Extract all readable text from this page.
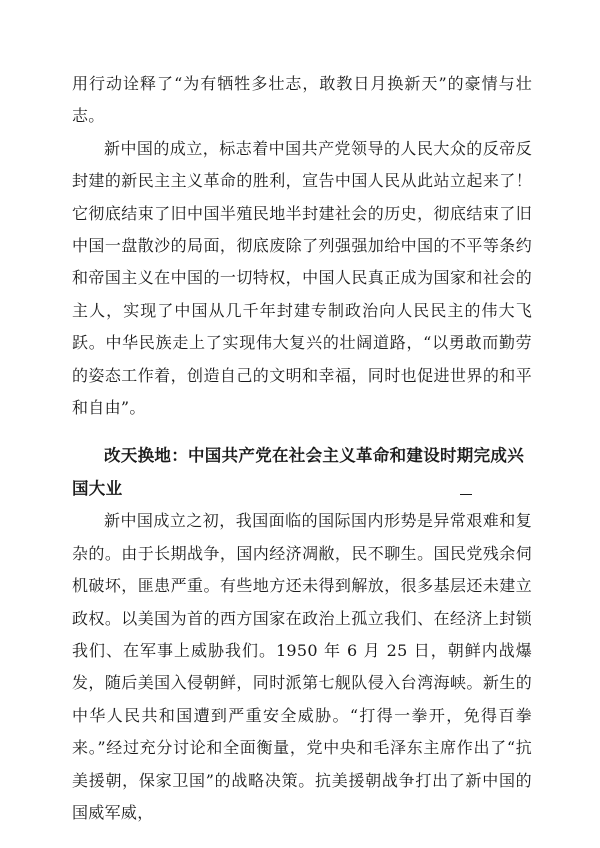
用行动诠释了“为有牺牲多壮志，敢教日月换新天”的豪情与壮志。

新中国的成立，标志着中国共产党领导的人民大众的反帝反封建的新民主主义革命的胜利，宣告中国人民从此站立起来了！它彻底结束了旧中国半殖民地半封建社会的历史，彻底结束了旧中国一盘散沙的局面，彻底废除了列强强加给中国的不平等条约和帝国主义在中国的一切特权，中国人民真正成为国家和社会的主人，实现了中国从几千年封建专制政治向人民民主的伟大飞跃。中华民族走上了实现伟大复兴的壮阔道路，“以勇敢而勤劳的姿态工作着，创造自己的文明和幸福，同时也促进世界的和平和自由”。

改天换地：中国共产党在社会主义革命和建设时期完成兴国大业

新中国成立之初，我国面临的国际国内形势是异常艰难和复杂的。由于长期战争，国内经济凋敝，民不聊生。国民党残余伺机破坏，匪患严重。有些地方还未得到解放，很多基层还未建立政权。以美国为首的西方国家在政治上孤立我们、在经济上封锁我们、在军事上威胁我们。1950 年 6 月 25 日，朝鲜内战爆发，随后美国入侵朝鲜，同时派第七舰队侵入台湾海峡。新生的中华人民共和国遭到严重安全威胁。“打得一拳开，免得百拳来。”经过充分讨论和全面衡量，党中央和毛泽东主席作出了“抗美援朝，保家卫国”的战略决策。抗美援朝战争打出了新中国的国威军威，
